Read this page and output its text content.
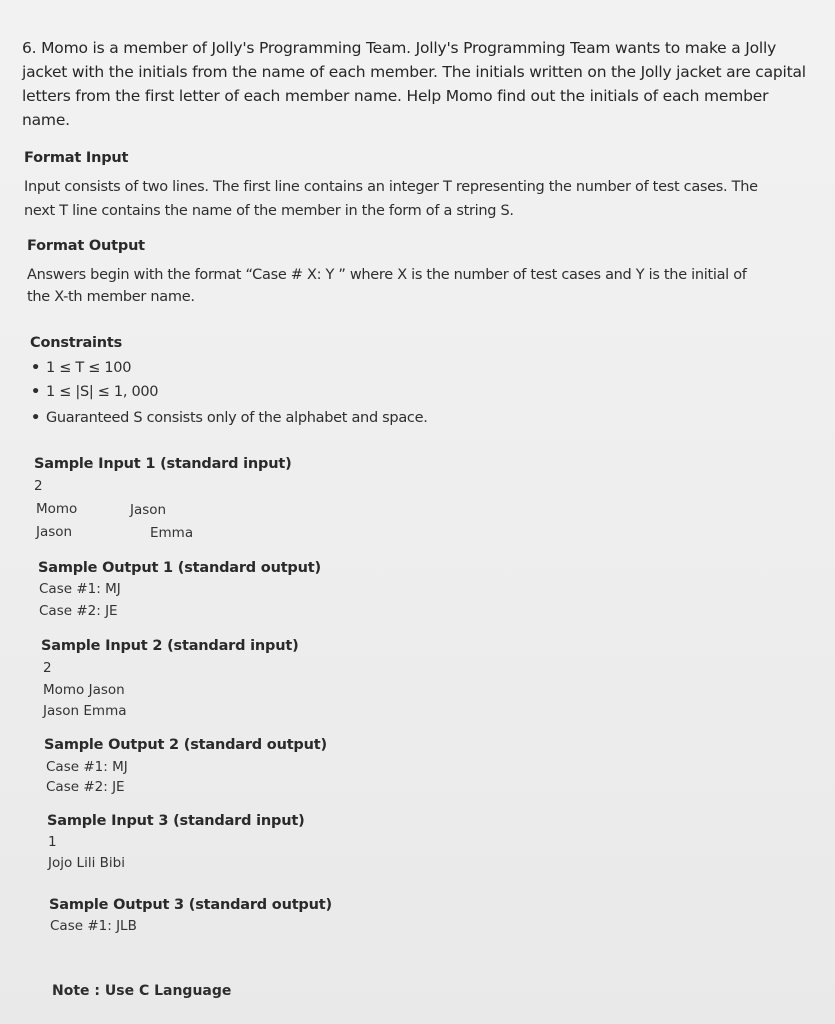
6. Momo is a member of Jolly's Programming Team. Jolly's Programming Team wants to make a Jolly
jacket with the initials from the name of each member. The initials written on the Jolly jacket are capital
letters from the first letter of each member name. Help Momo find out the initials of each member
name.
Format Input
Input consists of two lines. The first line contains an integer T representing the number of test cases. The
next T line contains the name of the member in the form of a string S.
Format Output
Answers begin with the format “Case # X: Y ” where X is the number of test cases and Y is the initial of
the X-th member name.
Constraints
• 1 ≤ T ≤ 100
• 1 ≤ |S| ≤ 1, 000
• Guaranteed S consists only of the alphabet and space.
Sample Input 1 (standard input)
2
Momo	Jason
Jason	Emma
Sample Output 1 (standard output)
Case #1: MJ
Case #2: JE
Sample Input 2 (standard input)
2
Momo Jason
Jason Emma
Sample Output 2 (standard output)
Case #1: MJ
Case #2: JE
Sample Input 3 (standard input)
1
Jojo Lili Bibi
Sample Output 3 (standard output)
Case #1: JLB
Note : Use C Language
